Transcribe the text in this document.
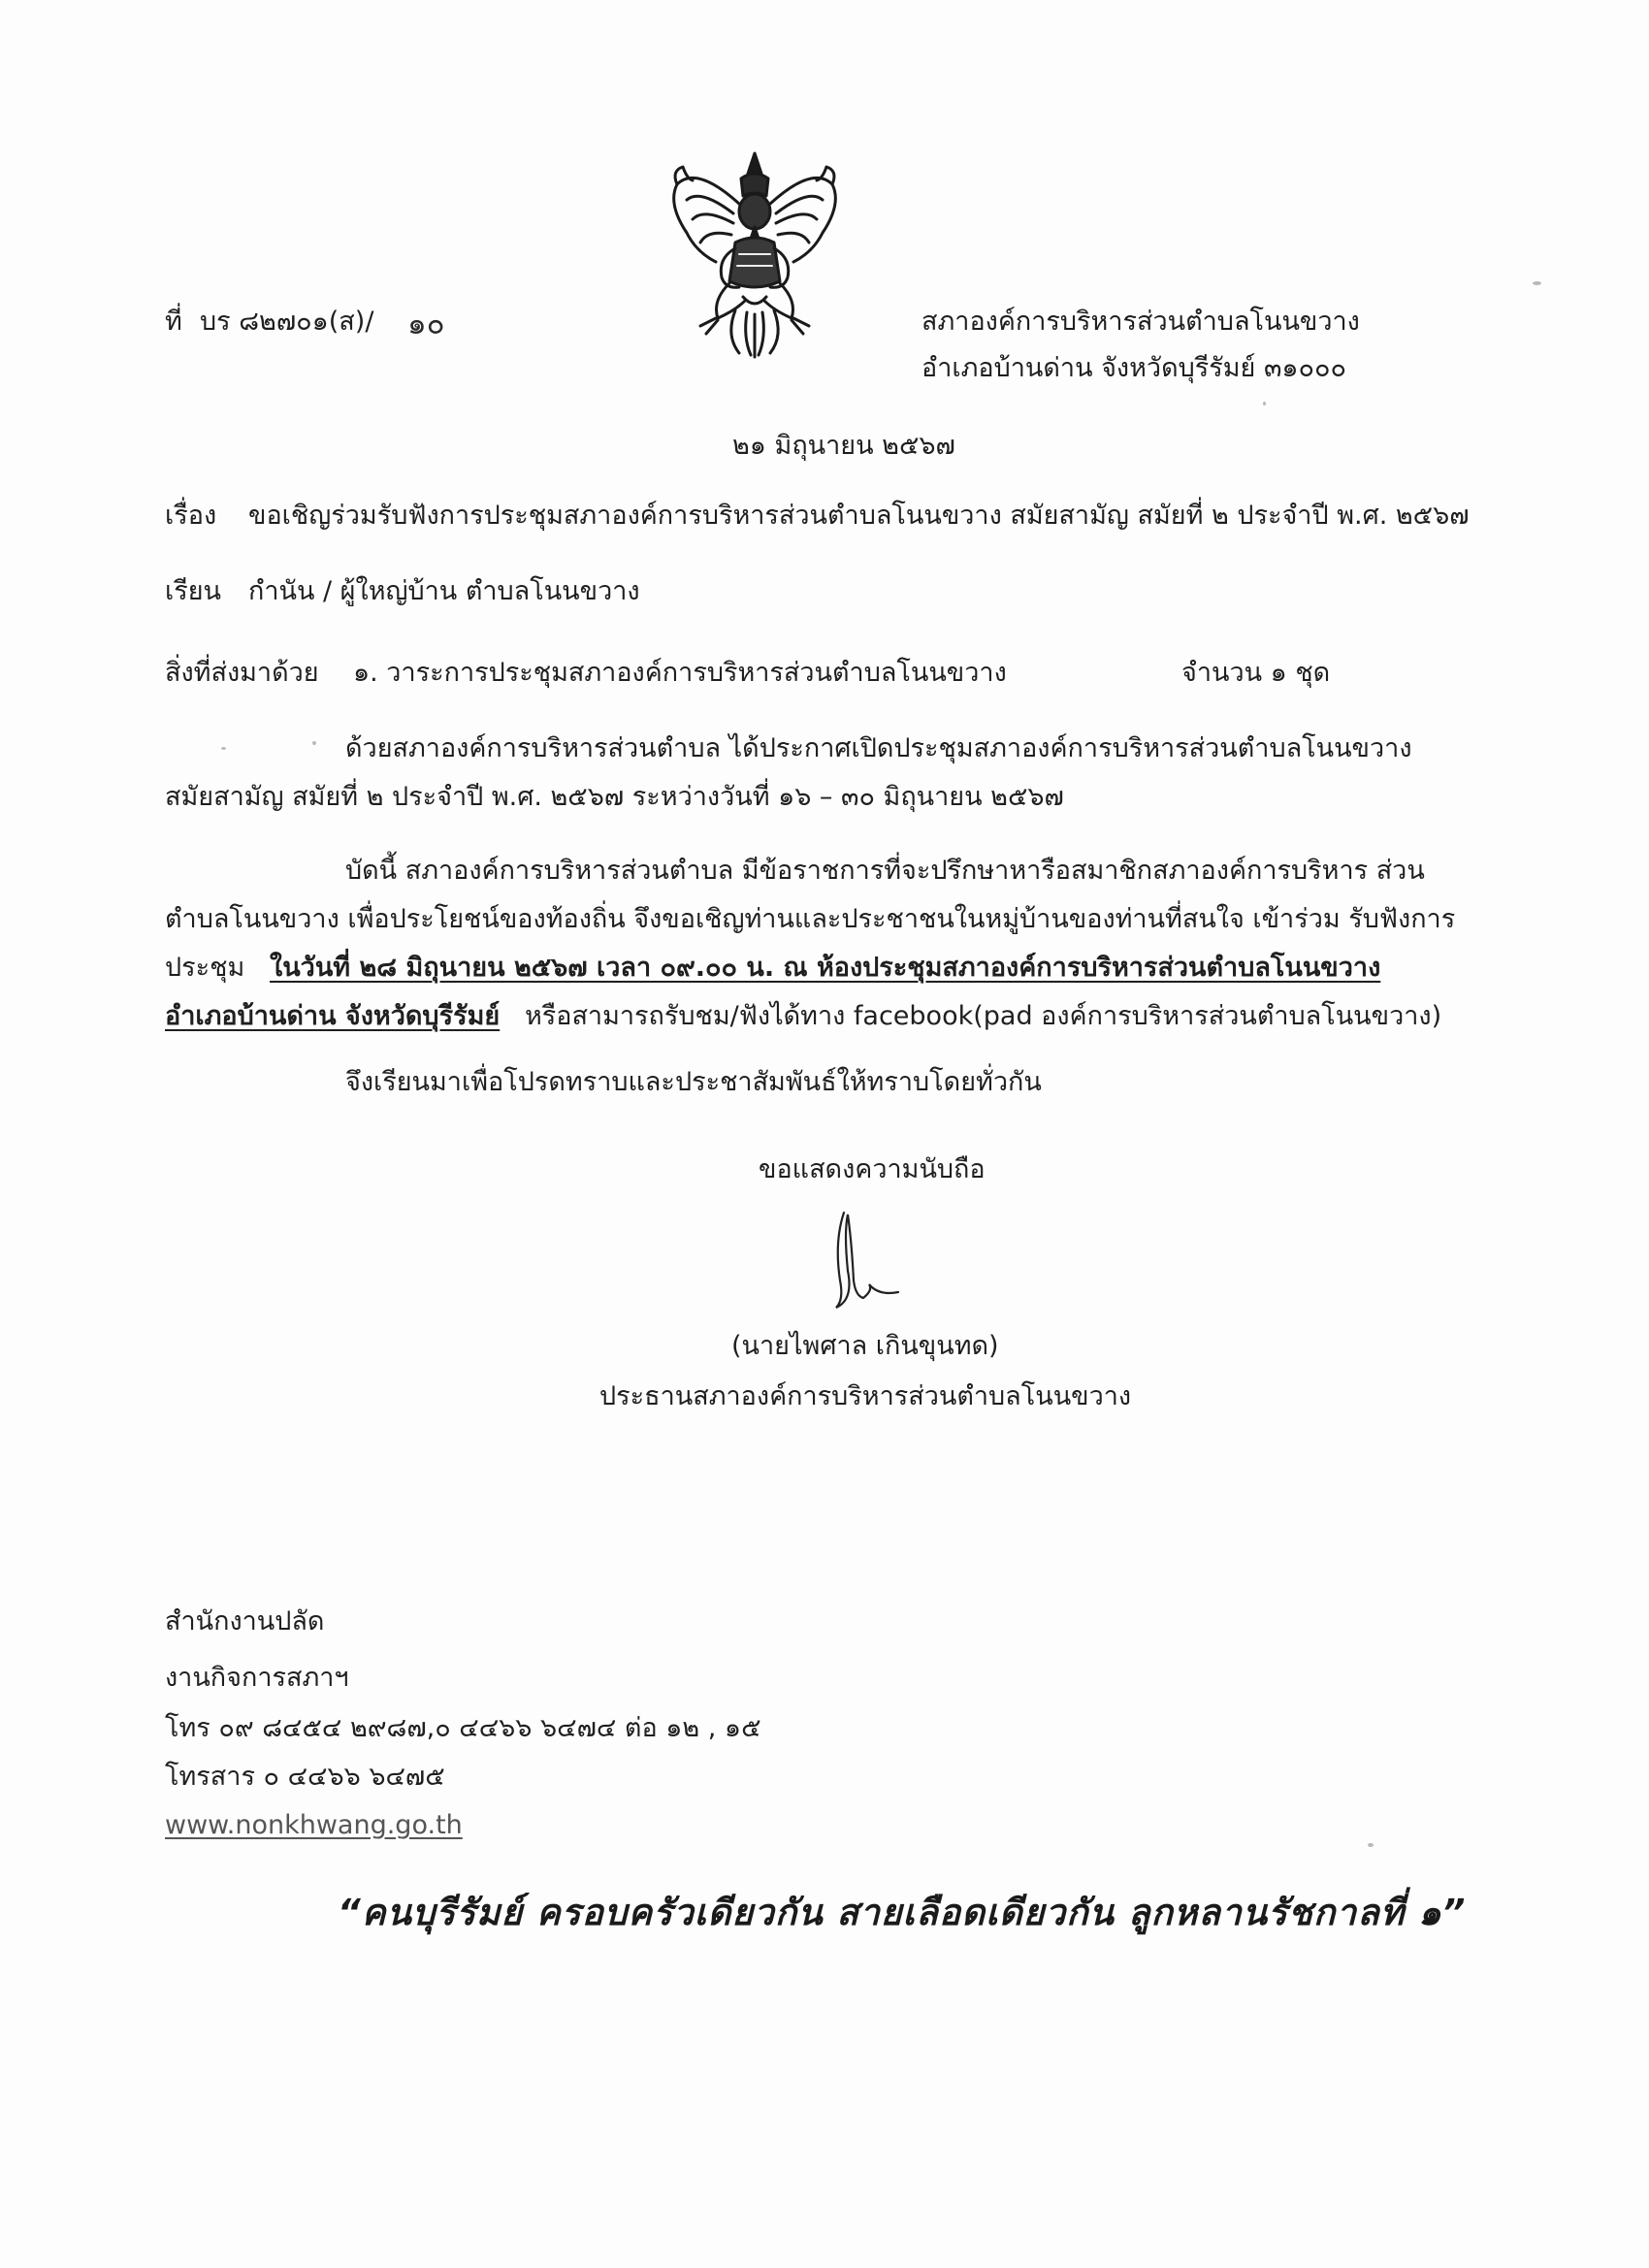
ที่ บร ๘๒๗๐๑(ส)/ ๑๐	สภาองค์การบริหารส่วนตำบลโนนขวาง
อำเภอบ้านด่าน จังหวัดบุรีรัมย์ ๓๑๐๐๐
๒๑ มิถุนายน ๒๕๖๗
เรื่อง ขอเชิญร่วมรับฟังการประชุมสภาองค์การบริหารส่วนตำบลโนนขวาง สมัยสามัญ สมัยที่ ๒ ประจำปี พ.ศ. ๒๕๖๗
เรียน กำนัน / ผู้ใหญ่บ้าน ตำบลโนนขวาง
สิ่งที่ส่งมาด้วย ๑. วาระการประชุมสภาองค์การบริหารส่วนตำบลโนนขวาง	จำนวน ๑ ชุด
ด้วยสภาองค์การบริหารส่วนตำบล ได้ประกาศเปิดประชุมสภาองค์การบริหารส่วนตำบลโนนขวาง
สมัยสามัญ สมัยที่ ๒ ประจำปี พ.ศ. ๒๕๖๗ ระหว่างวันที่ ๑๖ – ๓๐ มิถุนายน ๒๕๖๗
บัดนี้ สภาองค์การบริหารส่วนตำบล มีข้อราชการที่จะปรึกษาหารือสมาชิกสภาองค์การบริหาร ส่วน
ตำบลโนนขวาง เพื่อประโยชน์ของท้องถิ่น จึงขอเชิญท่านและประชาชนในหมู่บ้านของท่านที่สนใจ เข้าร่วม รับฟังการ
ประชุม ในวันที่ ๒๘ มิถุนายน ๒๕๖๗ เวลา ๐๙.๐๐ น. ณ ห้องประชุมสภาองค์การบริหารส่วนตำบลโนนขวาง
อำเภอบ้านด่าน จังหวัดบุรีรัมย์ หรือสามารถรับชม/ฟังได้ทาง facebook(pad องค์การบริหารส่วนตำบลโนนขวาง)
จึงเรียนมาเพื่อโปรดทราบและประชาสัมพันธ์ให้ทราบโดยทั่วกัน
ขอแสดงความนับถือ
(นายไพศาล เกินขุนทด)
ประธานสภาองค์การบริหารส่วนตำบลโนนขวาง
สำนักงานปลัด
งานกิจการสภาฯ
โทร ๐๙ ๘๔๕๔ ๒๙๘๗,๐ ๔๔๖๖ ๖๔๗๔ ต่อ ๑๒ , ๑๕
โทรสาร ๐ ๔๔๖๖ ๖๔๗๕
www.nonkhwang.go.th
“คนบุรีรัมย์ ครอบครัวเดียวกัน สายเลือดเดียวกัน ลูกหลานรัชกาลที่ ๑”
